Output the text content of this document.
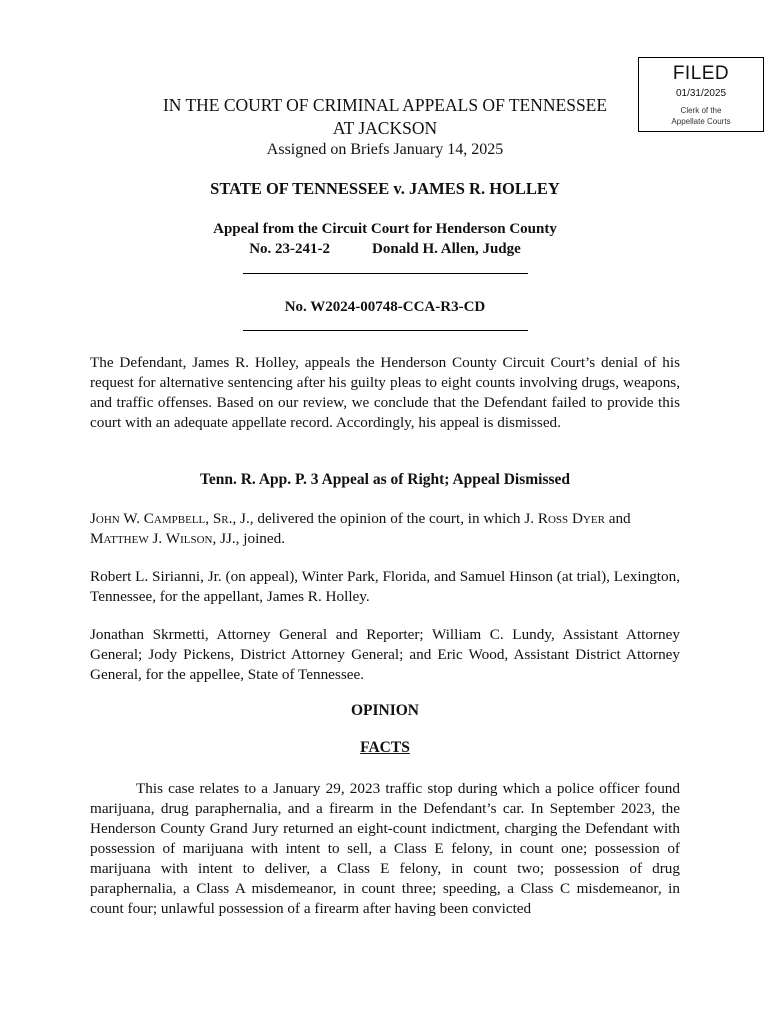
FILED
01/31/2025
Clerk of the
Appellate Courts
IN THE COURT OF CRIMINAL APPEALS OF TENNESSEE
AT JACKSON
Assigned on Briefs January 14, 2025
STATE OF TENNESSEE v. JAMES R. HOLLEY
Appeal from the Circuit Court for Henderson County
No. 23-241-2	Donald H. Allen, Judge
No. W2024-00748-CCA-R3-CD
The Defendant, James R. Holley, appeals the Henderson County Circuit Court’s denial of his request for alternative sentencing after his guilty pleas to eight counts involving drugs, weapons, and traffic offenses. Based on our review, we conclude that the Defendant failed to provide this court with an adequate appellate record. Accordingly, his appeal is dismissed.
Tenn. R. App. P. 3 Appeal as of Right; Appeal Dismissed
John W. Campbell, Sr., J., delivered the opinion of the court, in which J. Ross Dyer and Matthew J. Wilson, JJ., joined.
Robert L. Sirianni, Jr. (on appeal), Winter Park, Florida, and Samuel Hinson (at trial), Lexington, Tennessee, for the appellant, James R. Holley.
Jonathan Skrmetti, Attorney General and Reporter; William C. Lundy, Assistant Attorney General; Jody Pickens, District Attorney General; and Eric Wood, Assistant District Attorney General, for the appellee, State of Tennessee.
OPINION
FACTS
This case relates to a January 29, 2023 traffic stop during which a police officer found marijuana, drug paraphernalia, and a firearm in the Defendant’s car. In September 2023, the Henderson County Grand Jury returned an eight-count indictment, charging the Defendant with possession of marijuana with intent to sell, a Class E felony, in count one; possession of marijuana with intent to deliver, a Class E felony, in count two; possession of drug paraphernalia, a Class A misdemeanor, in count three; speeding, a Class C misdemeanor, in count four; unlawful possession of a firearm after having been convicted
